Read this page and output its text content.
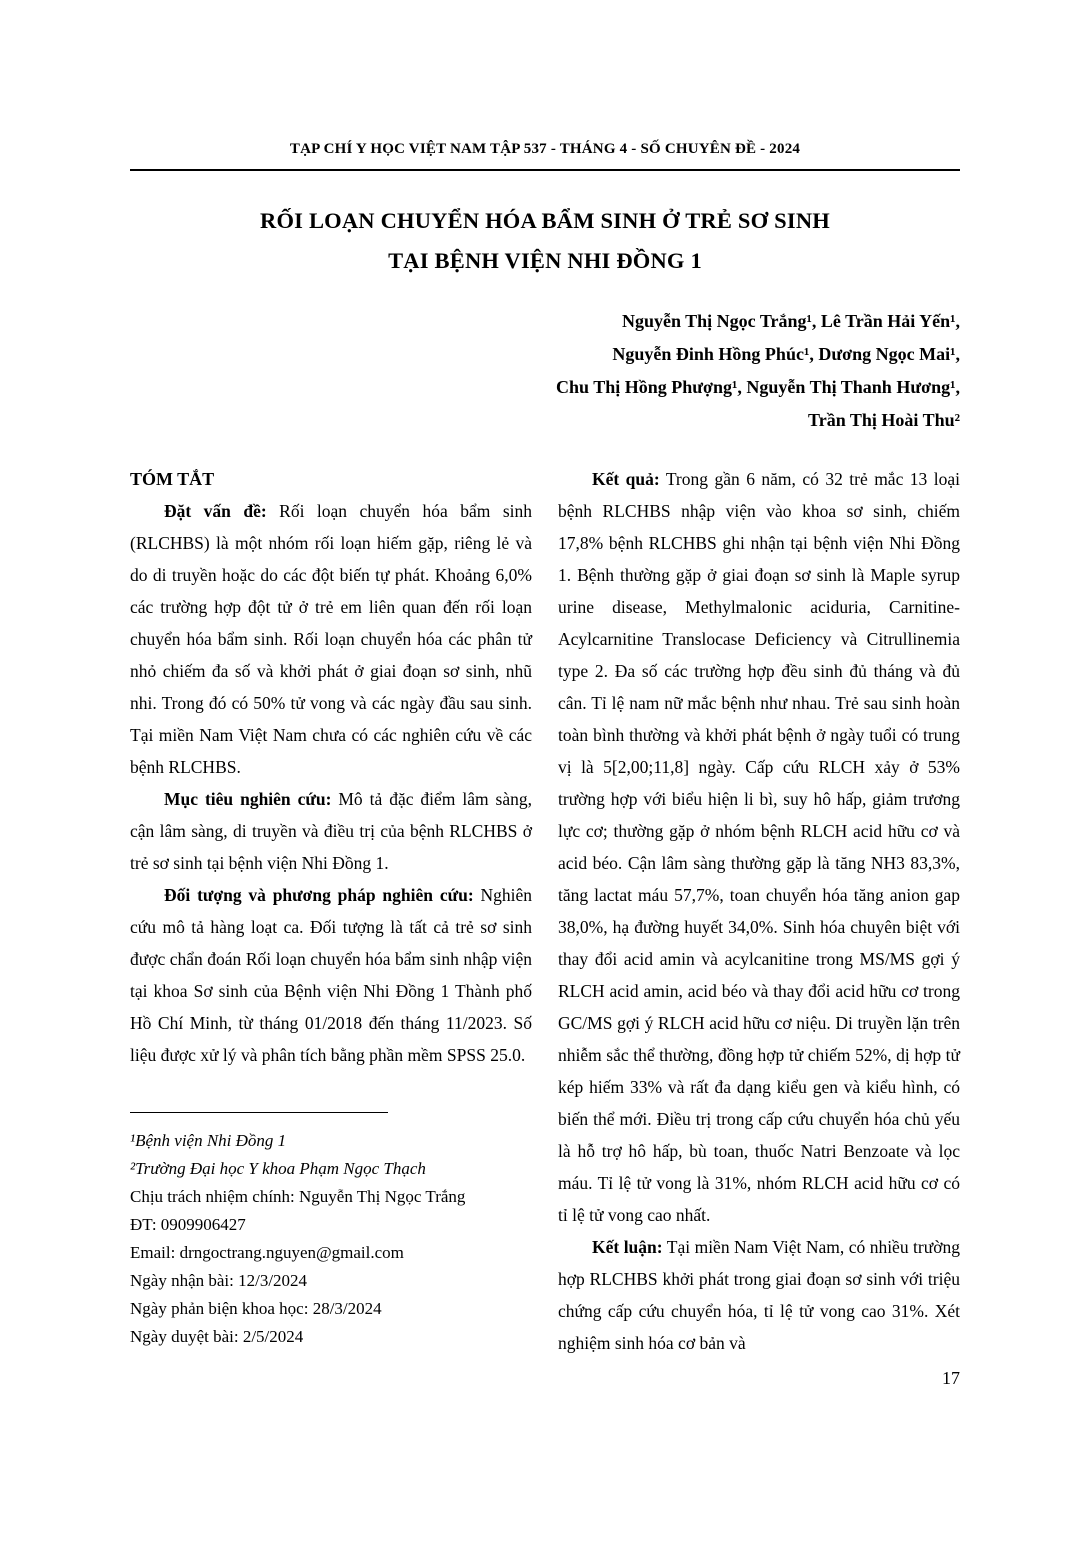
TẠP CHÍ Y HỌC VIỆT NAM TẬP 537 - THÁNG 4 - SỐ CHUYÊN ĐỀ - 2024
RỐI LOẠN CHUYỂN HÓA BẨM SINH Ở TRẺ SƠ SINH
TẠI BỆNH VIỆN NHI ĐỒNG 1
Nguyễn Thị Ngọc Trắng¹, Lê Trần Hải Yến¹,
Nguyễn Đinh Hồng Phúc¹, Dương Ngọc Mai¹,
Chu Thị Hồng Phượng¹, Nguyễn Thị Thanh Hương¹,
Trần Thị Hoài Thu²
TÓM TẮT

Đặt vấn đề: Rối loạn chuyển hóa bẩm sinh (RLCHBS) là một nhóm rối loạn hiếm gặp, riêng lẻ và do di truyền hoặc do các đột biến tự phát. Khoảng 6,0% các trường hợp đột tử ở trẻ em liên quan đến rối loạn chuyển hóa bẩm sinh. Rối loạn chuyển hóa các phân tử nhỏ chiếm đa số và khởi phát ở giai đoạn sơ sinh, nhũ nhi. Trong đó có 50% tử vong và các ngày đầu sau sinh. Tại miền Nam Việt Nam chưa có các nghiên cứu về các bệnh RLCHBS.

Mục tiêu nghiên cứu: Mô tả đặc điểm lâm sàng, cận lâm sàng, di truyền và điều trị của bệnh RLCHBS ở trẻ sơ sinh tại bệnh viện Nhi Đồng 1.

Đối tượng và phương pháp nghiên cứu: Nghiên cứu mô tả hàng loạt ca. Đối tượng là tất cả trẻ sơ sinh được chẩn đoán Rối loạn chuyển hóa bẩm sinh nhập viện tại khoa Sơ sinh của Bệnh viện Nhi Đồng 1 Thành phố Hồ Chí Minh, từ tháng 01/2018 đến tháng 11/2023. Số liệu được xử lý và phân tích bằng phần mềm SPSS 25.0.

¹Bệnh viện Nhi Đồng 1
²Trường Đại học Y khoa Phạm Ngọc Thạch
Chịu trách nhiệm chính: Nguyễn Thị Ngọc Trắng
ĐT: 0909906427
Email: drngoctrang.nguyen@gmail.com
Ngày nhận bài: 12/3/2024
Ngày phản biện khoa học: 28/3/2024
Ngày duyệt bài: 2/5/2024

Kết quả: Trong gần 6 năm, có 32 trẻ mắc 13 loại bệnh RLCHBS nhập viện vào khoa sơ sinh, chiếm 17,8% bệnh RLCHBS ghi nhận tại bệnh viện Nhi Đồng 1. Bệnh thường gặp ở giai đoạn sơ sinh là Maple syrup urine disease, Methylmalonic aciduria, Carnitine-Acylcarnitine Translocase Deficiency và Citrullinemia type 2. Đa số các trường hợp đều sinh đủ tháng và đủ cân. Tỉ lệ nam nữ mắc bệnh như nhau. Trẻ sau sinh hoàn toàn bình thường và khởi phát bệnh ở ngày tuổi có trung vị là 5[2,00;11,8] ngày. Cấp cứu RLCH xảy ở 53% trường hợp với biểu hiện li bì, suy hô hấp, giảm trương lực cơ; thường gặp ở nhóm bệnh RLCH acid hữu cơ và acid béo. Cận lâm sàng thường gặp là tăng NH3 83,3%, tăng lactat máu 57,7%, toan chuyển hóa tăng anion gap 38,0%, hạ đường huyết 34,0%. Sinh hóa chuyên biệt với thay đổi acid amin và acylcanitine trong MS/MS gợi ý RLCH acid amin, acid béo và thay đổi acid hữu cơ trong GC/MS gợi ý RLCH acid hữu cơ niệu. Di truyền lặn trên nhiễm sắc thể thường, đồng hợp tử chiếm 52%, dị hợp tử kép hiếm 33% và rất đa dạng kiểu gen và kiểu hình, có biến thể mới. Điều trị trong cấp cứu chuyển hóa chủ yếu là hỗ trợ hô hấp, bù toan, thuốc Natri Benzoate và lọc máu. Tỉ lệ tử vong là 31%, nhóm RLCH acid hữu cơ có tỉ lệ tử vong cao nhất.

Kết luận: Tại miền Nam Việt Nam, có nhiều trường hợp RLCHBS khởi phát trong giai đoạn sơ sinh với triệu chứng cấp cứu chuyển hóa, tỉ lệ tử vong cao 31%. Xét nghiệm sinh hóa cơ bản và

17
